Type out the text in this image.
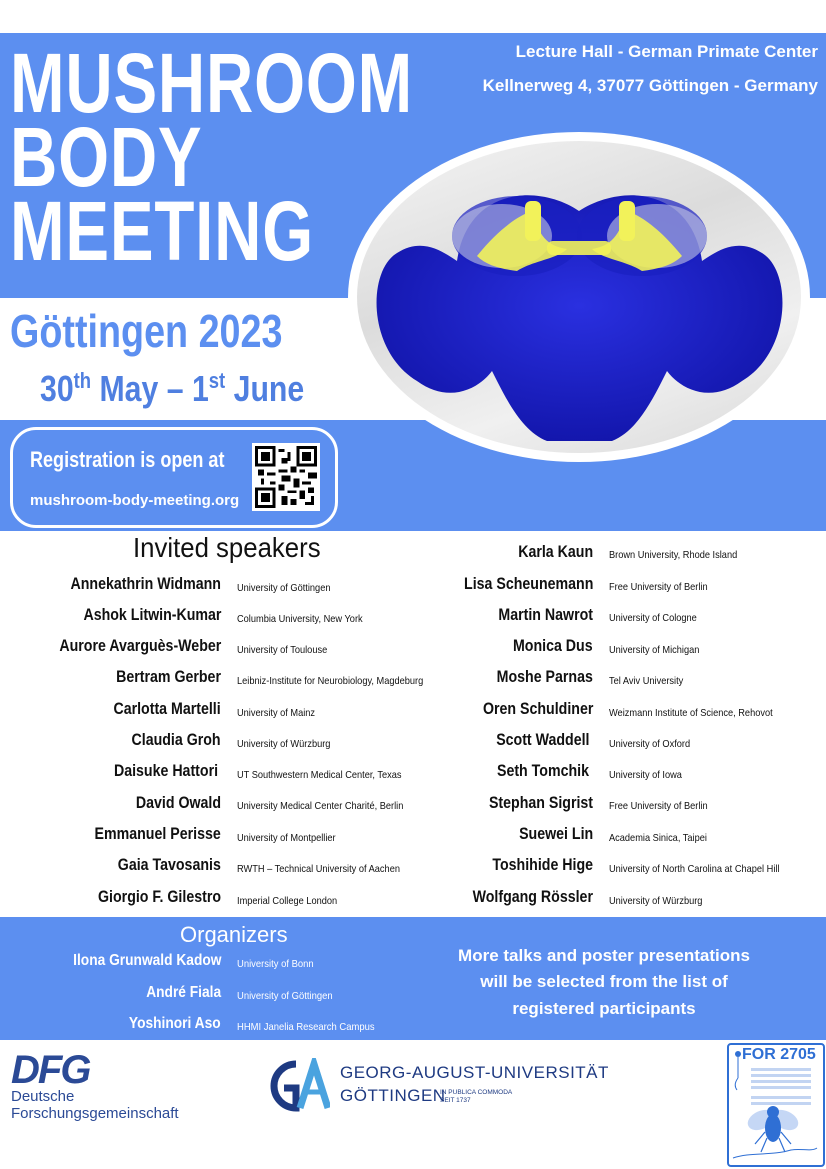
MUSHROOM
BODY
MEETING
Lecture Hall - German Primate Center
Kellnerweg 4, 37077 Göttingen - Germany
Göttingen 2023
30th May – 1st June
Registration is open at
mushroom-body-meeting.org
Invited speakers
Annekathrin Widmann University of Göttingen
Ashok Litwin-Kumar Columbia University, New York
Aurore Avarguès-Weber University of Toulouse
Bertram Gerber Leibniz-Institute for Neurobiology, Magdeburg
Carlotta Martelli University of Mainz
Claudia Groh University of Würzburg
Daisuke Hattori UT Southwestern Medical Center, Texas
David Owald University Medical Center Charité, Berlin
Emmanuel Perisse University of Montpellier
Gaia Tavosanis RWTH – Technical University of Aachen
Giorgio F. Gilestro Imperial College London
Karla Kaun Brown University, Rhode Island
Lisa Scheunemann Free University of Berlin
Martin Nawrot University of Cologne
Monica Dus University of Michigan
Moshe Parnas Tel Aviv University
Oren Schuldiner Weizmann Institute of Science, Rehovot
Scott Waddell University of Oxford
Seth Tomchik University of Iowa
Stephan Sigrist Free University of Berlin
Suewei Lin Academia Sinica, Taipei
Toshihide Hige University of North Carolina at Chapel Hill
Wolfgang Rössler University of Würzburg
Organizers
Ilona Grunwald Kadow University of Bonn
André Fiala University of Göttingen
Yoshinori Aso HHMI Janelia Research Campus
More talks and poster presentations
will be selected from the list of
registered participants
DFG
Deutsche
Forschungsgemeinschaft
GEORG-AUGUST-UNIVERSITÄT
GÖTTINGEN
IN PUBLICA COMMODA
SEIT 1737
FOR 2705
